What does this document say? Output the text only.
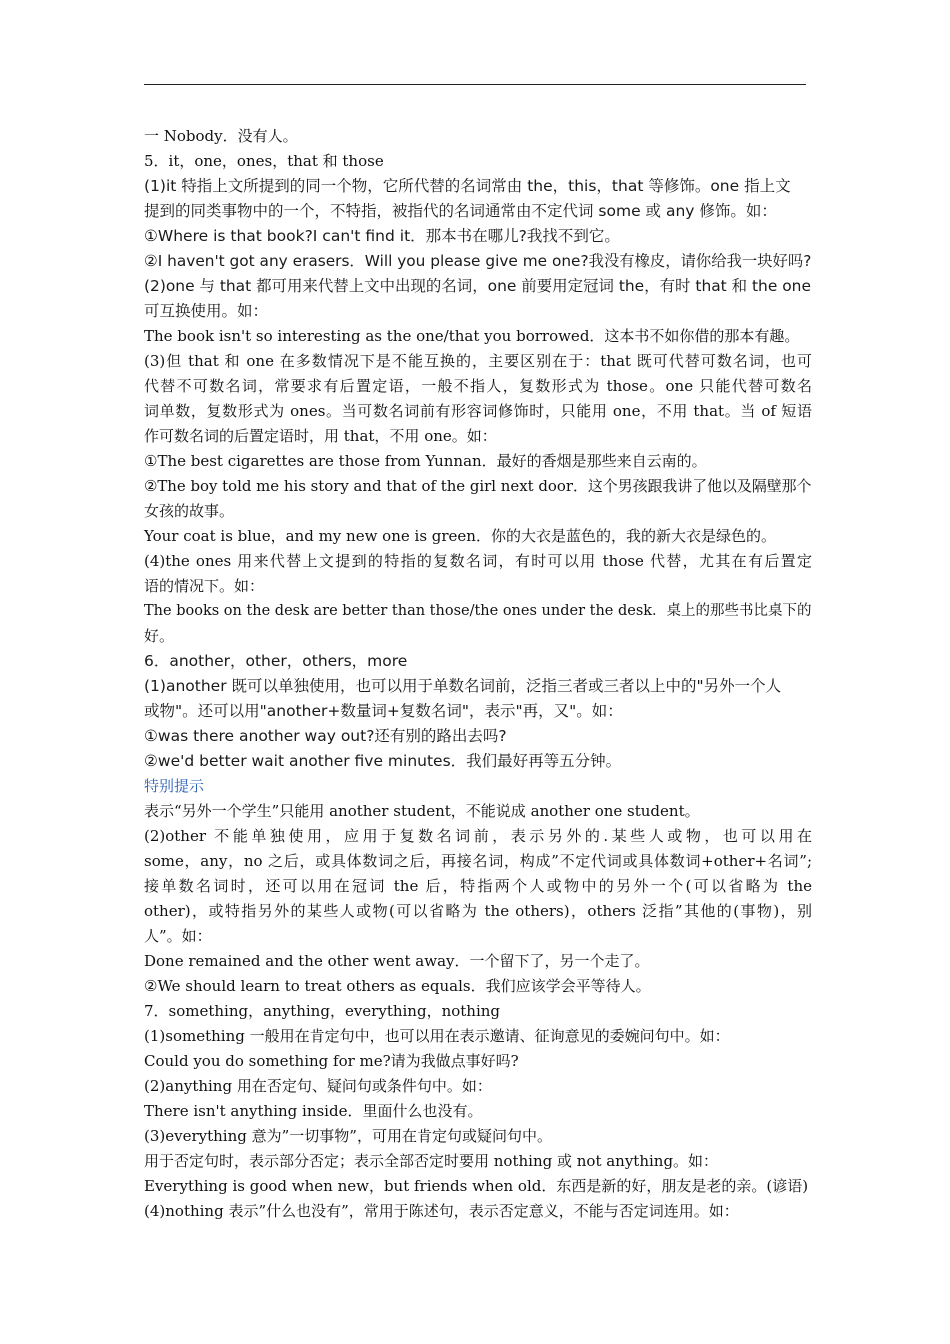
一 Nobody．没有人。
5．it，one，ones，that 和 those
(1)it 特指上文所提到的同一个物，它所代替的名词常由 the，this，that 等修饰。one 指上文
提到的同类事物中的一个，不特指，被指代的名词通常由不定代词 some 或 any 修饰。如：
①Where is that book?I can't find it．那本书在哪儿?我找不到它。
②I haven't got any erasers．Will you please give me one?我没有橡皮，请你给我一块好吗?
(2)one 与 that 都可用来代替上文中出现的名词，one 前要用定冠词 the，有时 that 和 the one
可互换使用。如：
The book isn't so interesting as the one/that you borrowed．这本书不如你借的那本有趣。
(3)但 that 和 one 在多数情况下是不能互换的，主要区别在于：that 既可代替可数名词，也可
代替不可数名词，常要求有后置定语，一般不指人，复数形式为 those。one 只能代替可数名
词单数，复数形式为 ones。当可数名词前有形容词修饰时，只能用 one，不用 that。当 of 短语
作可数名词的后置定语时，用 that，不用 one。如：
①The best cigarettes are those from Yunnan．最好的香烟是那些来自云南的。
②The boy told me his story and that of the girl next door．这个男孩跟我讲了他以及隔壁那个
女孩的故事。
Your coat is blue，and my new one is green．你的大衣是蓝色的，我的新大衣是绿色的。
(4)the ones 用来代替上文提到的特指的复数名词，有时可以用 those 代替，尤其在有后置定
语的情况下。如：
The books on the desk are better than those/the ones under the desk．桌上的那些书比桌下的
好。
6．another，other，others，more
(1)another 既可以单独使用，也可以用于单数名词前，泛指三者或三者以上中的"另外一个人
或物"。还可以用"another+数量词+复数名词"，表示"再，又"。如：
①was there another way out?还有别的路出去吗?
②we'd better wait another five minutes．我们最好再等五分钟。
特别提示
表示“另外一个学生”只能用 another student，不能说成 another one student。
(2)other 不能单独使用，应用于复数名词前，表示另外的.某些人或物，也可以用在
some，any，no 之后，或具体数词之后，再接名词，构成”不定代词或具体数词+other+名词”;
接单数名词时，还可以用在冠词 the 后，特指两个人或物中的另外一个(可以省略为 the
other)，或特指另外的某些人或物(可以省略为 the others)，others 泛指”其他的(事物)，别
人”。如：
Done remained and the other went away．一个留下了，另一个走了。
②We should learn to treat others as equals．我们应该学会平等待人。
7．something，anything，everything，nothing
(1)something 一般用在肯定句中，也可以用在表示邀请、征询意见的委婉问句中。如：
Could you do something for me?请为我做点事好吗?
(2)anything 用在否定句、疑问句或条件句中。如：
There isn't anything inside．里面什么也没有。
(3)everything 意为”一切事物”，可用在肯定句或疑问句中。
用于否定句时，表示部分否定；表示全部否定时要用 nothing 或 not anything。如：
Everything is good when new，but friends when old．东西是新的好，朋友是老的亲。(谚语)
(4)nothing 表示”什么也没有”，常用于陈述句，表示否定意义，不能与否定词连用。如：
